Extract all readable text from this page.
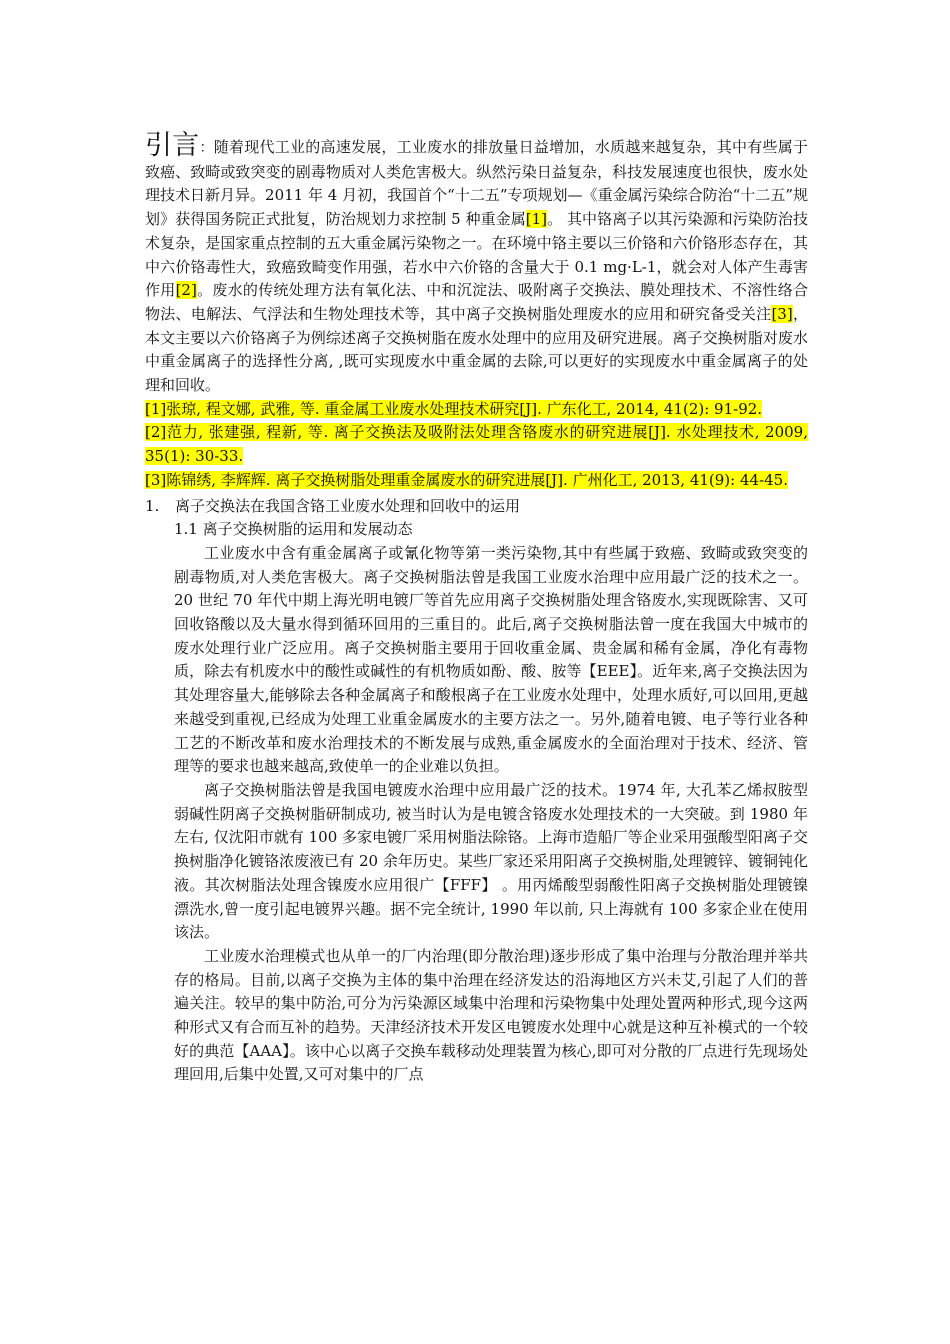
引言：随着现代工业的高速发展，工业废水的排放量日益增加，水质越来越复杂，其中有些属于致癌、致畸或致突变的剧毒物质对人类危害极大。纵然污染日益复杂，科技发展速度也很快，废水处理技术日新月异。2011 年 4 月初，我国首个“十二五”专项规划—《重金属污染综合防治“十二五”规划》获得国务院正式批复，防治规划力求控制 5 种重金属[1]。 其中铬离子以其污染源和污染防治技术复杂，是国家重点控制的五大重金属污染物之一。在环境中铬主要以三价铬和六价铬形态存在，其中六价铬毒性大，致癌致畸变作用强，若水中六价铬的含量大于 0.1 mg·L-1，就会对人体产生毒害作用[2]。废水的传统处理方法有氧化法、中和沉淀法、吸附离子交换法、膜处理技术、不溶性络合物法、电解法、气浮法和生物处理技术等，其中离子交换树脂处理废水的应用和研究备受关注[3]，本文主要以六价铬离子为例综述离子交换树脂在废水处理中的应用及研究进展。离子交换树脂对废水中重金属离子的选择性分离, ,既可实现废水中重金属的去除,可以更好的实现废水中重金属离子的处理和回收。

[1]张琼, 程文娜, 武雅, 等. 重金属工业废水处理技术研究[J]. 广东化工, 2014, 41(2): 91-92.

[2]范力, 张建强, 程新, 等. 离子交换法及吸附法处理含铬废水的研究进展[J]. 水处理技术, 2009, 35(1): 30-33.

[3]陈锦绣, 李辉辉. 离子交换树脂处理重金属废水的研究进展[J]. 广州化工, 2013, 41(9): 44-45.

1.	离子交换法在我国含铬工业废水处理和回收中的运用
1.1 离子交换树脂的运用和发展动态

工业废水中含有重金属离子或氰化物等第一类污染物,其中有些属于致癌、致畸或致突变的剧毒物质,对人类危害极大。离子交换树脂法曾是我国工业废水治理中应用最广泛的技术之一。20 世纪 70 年代中期上海光明电镀厂等首先应用离子交换树脂处理含铬废水,实现既除害、又可回收铬酸以及大量水得到循环回用的三重目的。此后,离子交换树脂法曾一度在我国大中城市的废水处理行业广泛应用。离子交换树脂主要用于回收重金属、贵金属和稀有金属，净化有毒物质，除去有机废水中的酸性或碱性的有机物质如酚、酸、胺等【EEE】。近年来,离子交换法因为其处理容量大,能够除去各种金属离子和酸根离子在工业废水处理中，处理水质好,可以回用,更越来越受到重视,已经成为处理工业重金属废水的主要方法之一。另外,随着电镀、电子等行业各种工艺的不断改革和废水治理技术的不断发展与成熟,重金属废水的全面治理对于技术、经济、管理等的要求也越来越高,致使单一的企业难以负担。

离子交换树脂法曾是我国电镀废水治理中应用最广泛的技术。1974 年, 大孔苯乙烯叔胺型弱碱性阴离子交换树脂研制成功, 被当时认为是电镀含铬废水处理技术的一大突破。到 1980 年左右, 仅沈阳市就有 100 多家电镀厂采用树脂法除铬。上海市造船厂等企业采用强酸型阳离子交换树脂净化镀铬浓废液已有 20 余年历史。某些厂家还采用阳离子交换树脂,处理镀锌、镀铜钝化液。其次树脂法处理含镍废水应用很广【FFF】 。用丙烯酸型弱酸性阳离子交换树脂处理镀镍漂洗水,曾一度引起电镀界兴趣。据不完全统计, 1990 年以前, 只上海就有 100 多家企业在使用该法。

工业废水治理模式也从单一的厂内治理(即分散治理)逐步形成了集中治理与分散治理并举共存的格局。目前,以离子交换为主体的集中治理在经济发达的沿海地区方兴未艾,引起了人们的普遍关注。较早的集中防治,可分为污染源区域集中治理和污染物集中处理处置两种形式,现今这两种形式又有合而互补的趋势。天津经济技术开发区电镀废水处理中心就是这种互补模式的一个较好的典范【AAA】。该中心以离子交换车载移动处理装置为核心,即可对分散的厂点进行先现场处理回用,后集中处置,又可对集中的厂点
